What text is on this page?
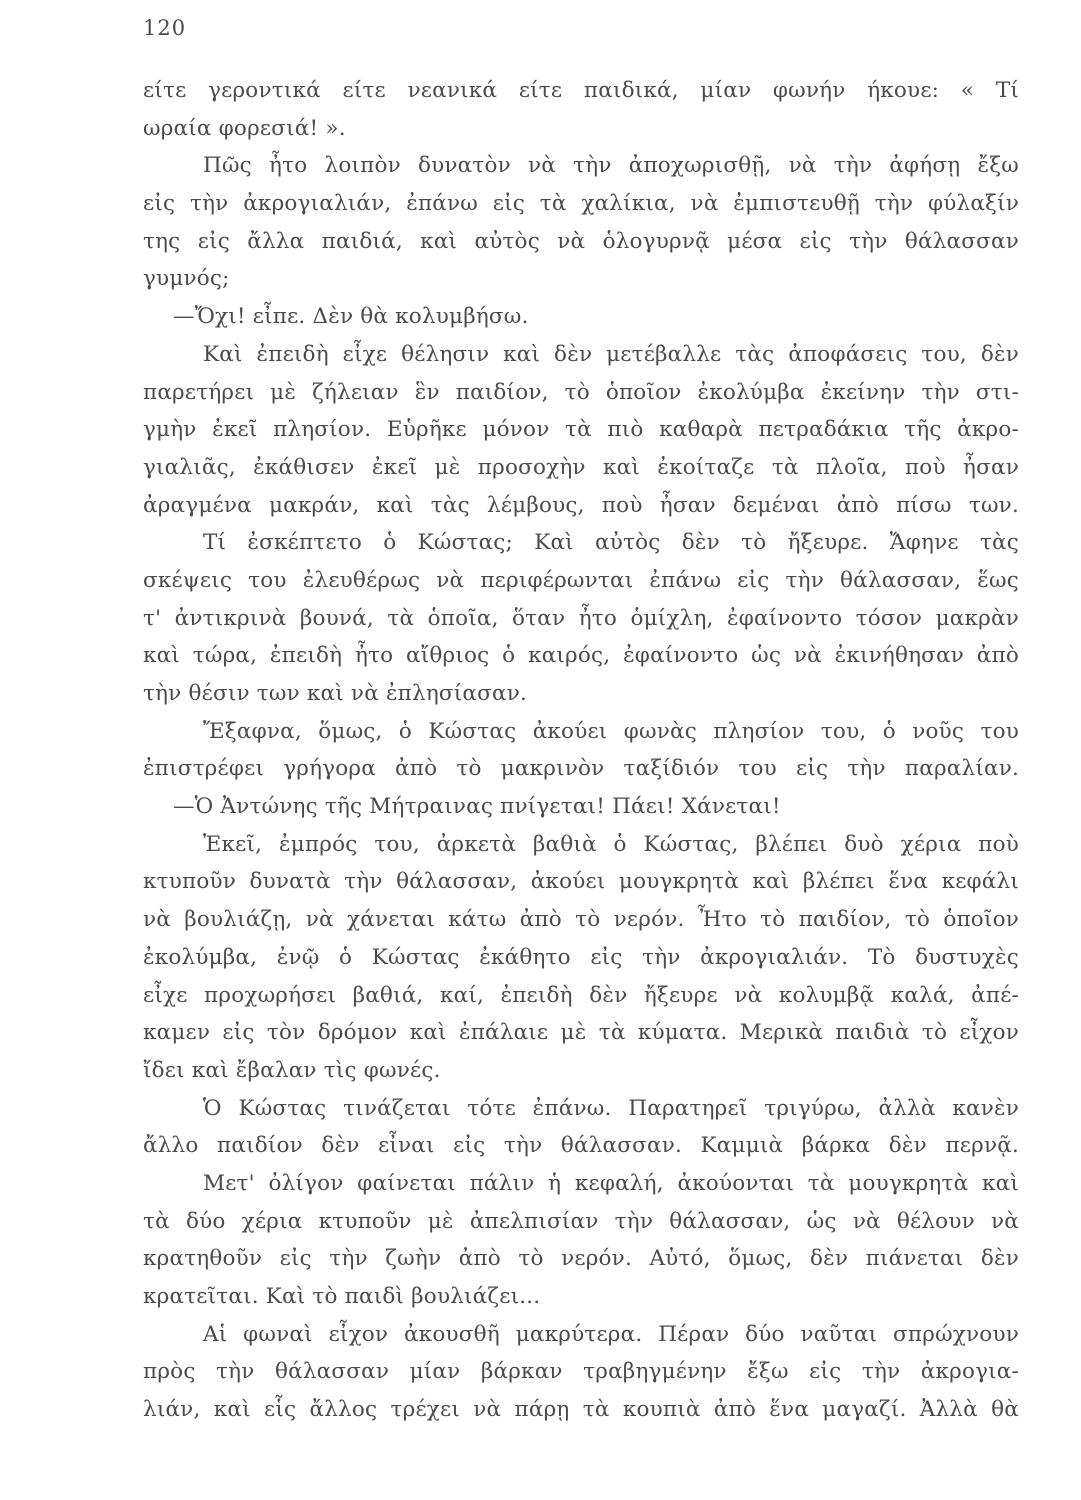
120
είτε γεροντικά είτε νεανικά είτε παιδικά, μίαν φωνήν ήκουε: « Τί
ωραία φορεσιά! ».
Πῶς ἦτο λοιπὸν δυνατὸν νὰ τὴν ἀποχωρισθῇ, νὰ τὴν ἀφήσῃ ἔξω
εἰς τὴν ἀκρογιαλιάν, ἐπάνω εἰς τὰ χαλίκια, νὰ ἐμπιστευθῇ τὴν φύλαξίν
της εἰς ἄλλα παιδιά, καὶ αὐτὸς νὰ ὁλογυρνᾷ μέσα εἰς τὴν θάλασσαν
γυμνός;
—Ὄχι! εἶπε. Δὲν θὰ κολυμβήσω.
Καὶ ἐπειδὴ εἶχε θέλησιν καὶ δὲν μετέβαλλε τὰς ἀποφάσεις του, δὲν
παρετήρει μὲ ζήλειαν ἓν παιδίον, τὸ ὁποῖον ἐκολύμβα ἐκείνην τὴν στι-
γμὴν ἐκεῖ πλησίον. Εὑρῆκε μόνον τὰ πιὸ καθαρὰ πετραδάκια τῆς ἀκρο-
γιαλιᾶς, ἐκάθισεν ἐκεῖ μὲ προσοχὴν καὶ ἐκοίταζε τὰ πλοῖα, ποὺ ἦσαν
ἀραγμένα μακράν, καὶ τὰς λέμβους, ποὺ ἦσαν δεμέναι ἀπὸ πίσω των.
Τί ἐσκέπτετο ὁ Κώστας; Καὶ αὐτὸς δὲν τὸ ἤξευρε. Ἄφηνε τὰς
σκέψεις του ἐλευθέρως νὰ περιφέρωνται ἐπάνω εἰς τὴν θάλασσαν, ἕως
τ' ἀντικρινὰ βουνά, τὰ ὁποῖα, ὅταν ἦτο ὁμίχλη, ἐφαίνοντο τόσον μακρὰν
καὶ τώρα, ἐπειδὴ ἦτο αἴθριος ὁ καιρός, ἐφαίνοντο ὡς νὰ ἐκινήθησαν ἀπὸ
τὴν θέσιν των καὶ νὰ ἐπλησίασαν.
Ἔξαφνα, ὅμως, ὁ Κώστας ἀκούει φωνὰς πλησίον του, ὁ νοῦς του
ἐπιστρέφει γρήγορα ἀπὸ τὸ μακρινὸν ταξίδιόν του εἰς τὴν παραλίαν.
—Ὁ Ἀντώνης τῆς Μήτραινας πνίγεται! Πάει! Χάνεται!
Ἐκεῖ, ἐμπρός του, ἀρκετὰ βαθιὰ ὁ Κώστας, βλέπει δυὸ χέρια ποὺ
κτυποῦν δυνατὰ τὴν θάλασσαν, ἀκούει μουγκρητὰ καὶ βλέπει ἕνα κεφάλι
νὰ βουλιάζῃ, νὰ χάνεται κάτω ἀπὸ τὸ νερόν. Ἦτο τὸ παιδίον, τὸ ὁποῖον
ἐκολύμβα, ἐνῷ ὁ Κώστας ἐκάθητο εἰς τὴν ἀκρογιαλιάν. Τὸ δυστυχὲς
εἶχε προχωρήσει βαθιά, καί, ἐπειδὴ δὲν ἤξευρε νὰ κολυμβᾷ καλά, ἀπέ-
καμεν εἰς τὸν δρόμον καὶ ἐπάλαιε μὲ τὰ κύματα. Μερικὰ παιδιὰ τὸ εἶχον
ἴδει καὶ ἔβαλαν τὶς φωνές.
Ὁ Κώστας τινάζεται τότε ἐπάνω. Παρατηρεῖ τριγύρω, ἀλλὰ κανὲν
ἄλλο παιδίον δὲν εἶναι εἰς τὴν θάλασσαν. Καμμιὰ βάρκα δὲν περνᾷ.
Μετ' ὀλίγον φαίνεται πάλιν ἡ κεφαλή, ἀκούονται τὰ μουγκρητὰ καὶ
τὰ δύο χέρια κτυποῦν μὲ ἀπελπισίαν τὴν θάλασσαν, ὡς νὰ θέλουν νὰ
κρατηθοῦν εἰς τὴν ζωὴν ἀπὸ τὸ νερόν. Αὐτό, ὅμως, δὲν πιάνεται δὲν
κρατεῖται. Καὶ τὸ παιδὶ βουλιάζει...
Αἱ φωναὶ εἶχον ἀκουσθῆ μακρύτερα. Πέραν δύο ναῦται σπρώχνουν
πρὸς τὴν θάλασσαν μίαν βάρκαν τραβηγμένην ἔξω εἰς τὴν ἀκρογια-
λιάν, καὶ εἷς ἄλλος τρέχει νὰ πάρῃ τὰ κουπιὰ ἀπὸ ἕνα μαγαζί. Ἀλλὰ θὰ
